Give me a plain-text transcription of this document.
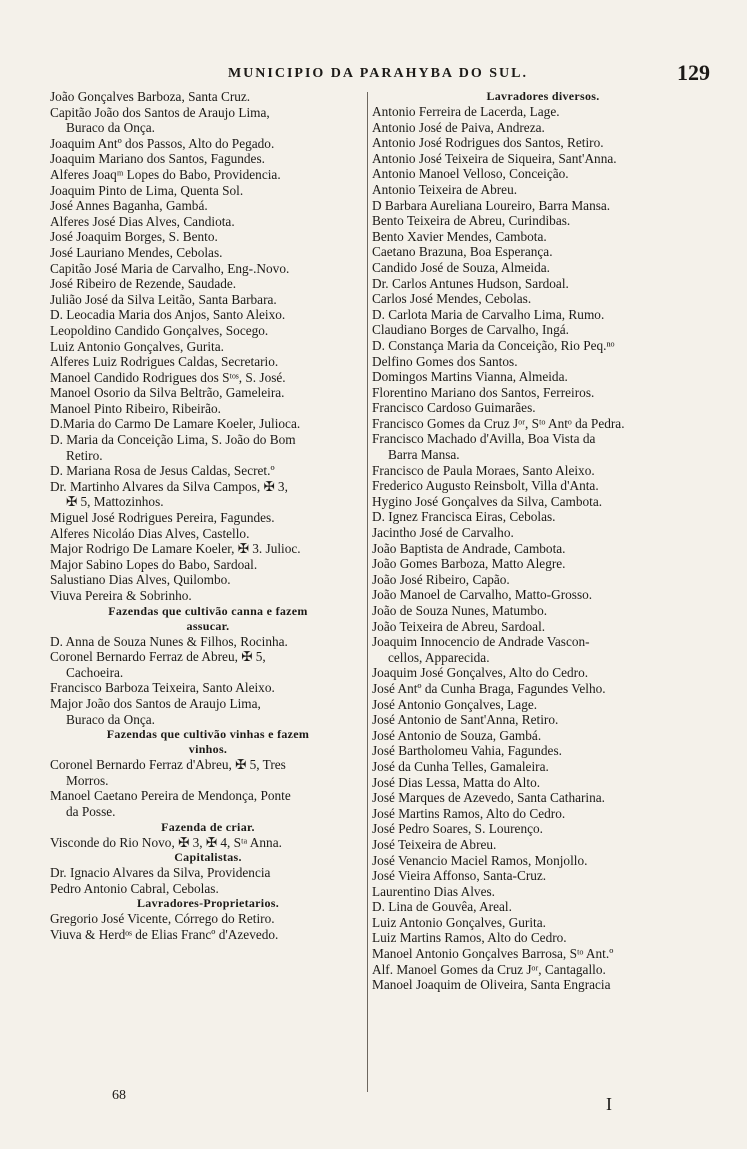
MUNICIPIO DA PARAHYBA DO SUL.	129
João Gonçalves Barboza, Santa Cruz.
Capitão João dos Santos de Araujo Lima,
Buraco da Onça.
Joaquim Antº dos Passos, Alto do Pegado.
Joaquim Mariano dos Santos, Fagundes.
Alferes Joaqᵐ Lopes do Babo, Providencia.
Joaquim Pinto de Lima, Quenta Sol.
José Annes Baganha, Gambá.
Alferes José Dias Alves, Candiota.
José Joaquim Borges, S. Bento.
José Lauriano Mendes, Cebolas.
Capitão José Maria de Carvalho, Eng-.Novo.
José Ribeiro de Rezende, Saudade.
Julião José da Silva Leitão, Santa Barbara.
D. Leocadia Maria dos Anjos, Santo Aleixo.
Leopoldino Candido Gonçalves, Socego.
Luiz Antonio Gonçalves, Gurita.
Alferes Luiz Rodrigues Caldas, Secretario.
Manoel Candido Rodrigues dos Sᵗᵒˢ, S. José.
Manoel Osorio da Silva Beltrão, Gameleira.
Manoel Pinto Ribeiro, Ribeirão.
D.Maria do Carmo De Lamare Koeler, Julioca.
D. Maria da Conceição Lima, S. João do Bom
Retiro.
D. Mariana Rosa de Jesus Caldas, Secret.º
Dr. Martinho Alvares da Silva Campos, ✠ 3,
✠ 5, Mattozinhos.
Miguel José Rodrigues Pereira, Fagundes.
Alferes Nicoláo Dias Alves, Castello.
Major Rodrigo De Lamare Koeler, ✠ 3. Julioc.
Major Sabino Lopes do Babo, Sardoal.
Salustiano Dias Alves, Quilombo.
Viuva Pereira & Sobrinho.
Fazendas que cultivão canna e fazem
assucar.
D. Anna de Souza Nunes & Filhos, Rocinha.
Coronel Bernardo Ferraz de Abreu, ✠ 5,
Cachoeira.
Francisco Barboza Teixeira, Santo Aleixo.
Major João dos Santos de Araujo Lima,
Buraco da Onça.
Fazendas que cultivão vinhas e fazem
vinhos.
Coronel Bernardo Ferraz d'Abreu, ✠ 5, Tres
Morros.
Manoel Caetano Pereira de Mendonça, Ponte
da Posse.
Fazenda de criar.
Visconde do Rio Novo, ✠ 3, ✠ 4, Sᵗᵃ Anna.
Capitalistas.
Dr. Ignacio Alvares da Silva, Providencia
Pedro Antonio Cabral, Cebolas.
Lavradores-Proprietarios.
Gregorio José Vicente, Córrego do Retiro.
Viuva & Herdᵒˢ de Elias Francº d'Azevedo.
Lavradores diversos.
Antonio Ferreira de Lacerda, Lage.
Antonio José de Paiva, Andreza.
Antonio José Rodrigues dos Santos, Retiro.
Antonio José Teixeira de Siqueira, Sant'Anna.
Antonio Manoel Velloso, Conceição.
Antonio Teixeira de Abreu.
D Barbara Aureliana Loureiro, Barra Mansa.
Bento Teixeira de Abreu, Curindibas.
Bento Xavier Mendes, Cambota.
Caetano Brazuna, Boa Esperança.
Candido José de Souza, Almeida.
Dr. Carlos Antunes Hudson, Sardoal.
Carlos José Mendes, Cebolas.
D. Carlota Maria de Carvalho Lima, Rumo.
Claudiano Borges de Carvalho, Ingá.
D. Constança Maria da Conceição, Rio Peq.ⁿᵒ
Delfino Gomes dos Santos.
Domingos Martins Vianna, Almeida.
Florentino Mariano dos Santos, Ferreiros.
Francisco Cardoso Guimarães.
Francisco Gomes da Cruz Jᵒʳ, Sᵗᵒ Antᵒ da Pedra.
Francisco Machado d'Avilla, Boa Vista da
Barra Mansa.
Francisco de Paula Moraes, Santo Aleixo.
Frederico Augusto Reinsbolt, Villa d'Anta.
Hygino José Gonçalves da Silva, Cambota.
D. Ignez Francisca Eiras, Cebolas.
Jacintho José de Carvalho.
João Baptista de Andrade, Cambota.
João Gomes Barboza, Matto Alegre.
João José Ribeiro, Capão.
João Manoel de Carvalho, Matto-Grosso.
João de Souza Nunes, Matumbo.
João Teixeira de Abreu, Sardoal.
Joaquim Innocencio de Andrade Vascon-
cellos, Apparecida.
Joaquim José Gonçalves, Alto do Cedro.
José Antº da Cunha Braga, Fagundes Velho.
José Antonio Gonçalves, Lage.
José Antonio de Sant'Anna, Retiro.
José Antonio de Souza, Gambá.
José Bartholomeu Vahia, Fagundes.
José da Cunha Telles, Gamaleira.
José Dias Lessa, Matta do Alto.
José Marques de Azevedo, Santa Catharina.
José Martins Ramos, Alto do Cedro.
José Pedro Soares, S. Lourenço.
José Teixeira de Abreu.
José Venancio Maciel Ramos, Monjollo.
José Vieira Affonso, Santa-Cruz.
Laurentino Dias Alves.
D. Lina de Gouvêa, Areal.
Luiz Antonio Gonçalves, Gurita.
Luiz Martins Ramos, Alto do Cedro.
Manoel Antonio Gonçalves Barrosa, Sᵗᵒ Ant.º
Alf. Manoel Gomes da Cruz Jᵒʳ, Cantagallo.
Manoel Joaquim de Oliveira, Santa Engracia
68	I
